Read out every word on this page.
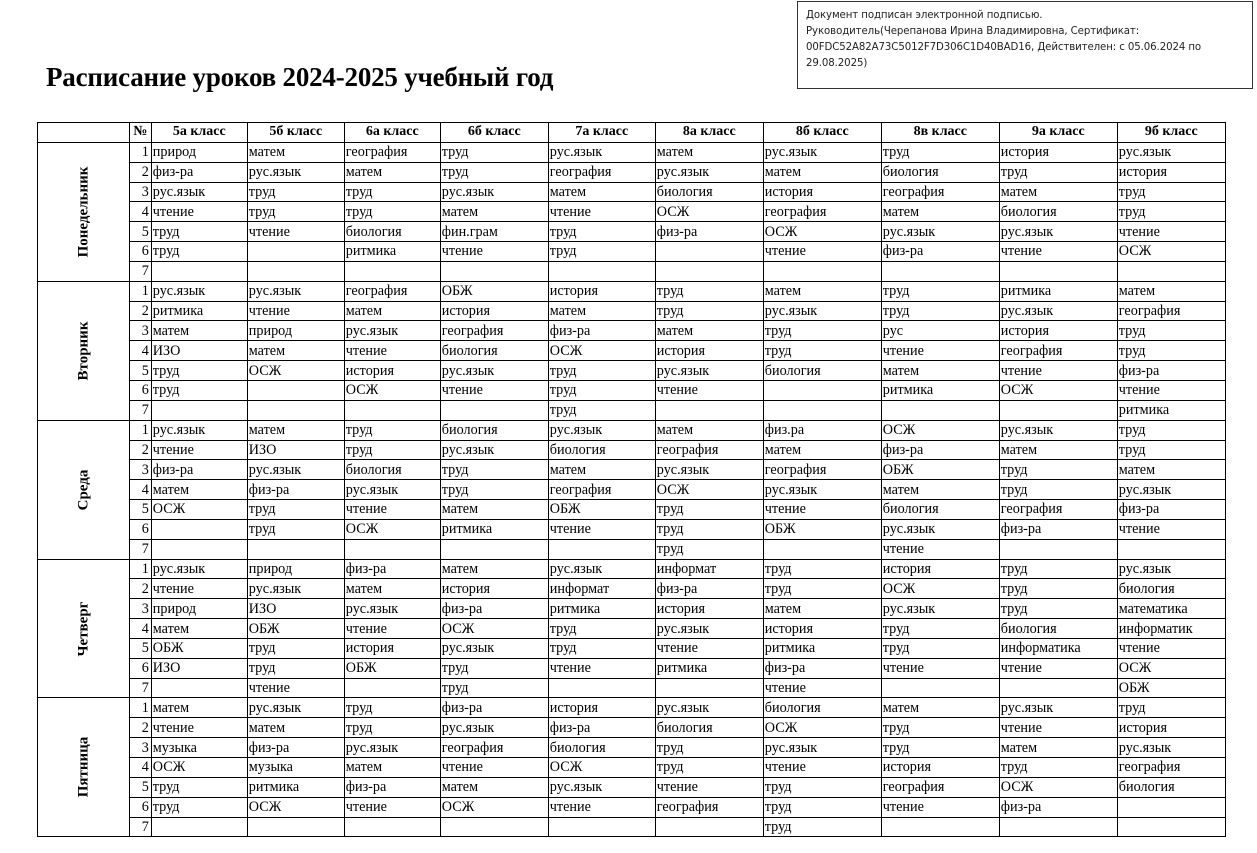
Документ подписан электронной подписью.
Руководитель(Черепанова Ирина Владимировна, Сертификат:
00FDC52A82A73C5012F7D306C1D40BAD16, Действителен: с 05.06.2024 по
29.08.2025)
Расписание уроков 2024-2025 учебный год
	№	5а класс	5б класс	6а класс	6б класс	7а класс	8а класс	8б класс	8в класс	9а класс	9б класс
Понедельник	1	природ	матем	география	труд	рус.язык	матем	рус.язык	труд	история	рус.язык
	2	физ-ра	рус.язык	матем	труд	география	рус.язык	матем	биология	труд	история
	3	рус.язык	труд	труд	рус.язык	матем	биология	история	география	матем	труд
	4	чтение	труд	труд	матем	чтение	ОСЖ	география	матем	биология	труд
	5	труд	чтение	биология	фин.грам	труд	физ-ра	ОСЖ	рус.язык	рус.язык	чтение
	6	труд		ритмика	чтение	труд		чтение	физ-ра	чтение	ОСЖ
	7										
Вторник	1	рус.язык	рус.язык	география	ОБЖ	история	труд	матем	труд	ритмика	матем
	2	ритмика	чтение	матем	история	матем	труд	рус.язык	труд	рус.язык	география
	3	матем	природ	рус.язык	география	физ-ра	матем	труд	рус	история	труд
	4	ИЗО	матем	чтение	биология	ОСЖ	история	труд	чтение	география	труд
	5	труд	ОСЖ	история	рус.язык	труд	рус.язык	биология	матем	чтение	физ-ра
	6	труд		ОСЖ	чтение	труд	чтение		ритмика	ОСЖ	чтение
	7					труд					ритмика
Среда	1	рус.язык	матем	труд	биология	рус.язык	матем	физ.ра	ОСЖ	рус.язык	труд
	2	чтение	ИЗО	труд	рус.язык	биология	география	матем	физ-ра	матем	труд
	3	физ-ра	рус.язык	биология	труд	матем	рус.язык	география	ОБЖ	труд	матем
	4	матем	физ-ра	рус.язык	труд	география	ОСЖ	рус.язык	матем	труд	рус.язык
	5	ОСЖ	труд	чтение	матем	ОБЖ	труд	чтение	биология	география	физ-ра
	6		труд	ОСЖ	ритмика	чтение	труд	ОБЖ	рус.язык	физ-ра	чтение
	7						труд		чтение		
Четверг	1	рус.язык	природ	физ-ра	матем	рус.язык	информат	труд	история	труд	рус.язык
	2	чтение	рус.язык	матем	история	информат	физ-ра	труд	ОСЖ	труд	биология
	3	природ	ИЗО	рус.язык	физ-ра	ритмика	история	матем	рус.язык	труд	математика
	4	матем	ОБЖ	чтение	ОСЖ	труд	рус.язык	история	труд	биология	информатик
	5	ОБЖ	труд	история	рус.язык	труд	чтение	ритмика	труд	информатика	чтение
	6	ИЗО	труд	ОБЖ	труд	чтение	ритмика	физ-ра	чтение	чтение	ОСЖ
	7		чтение		труд			чтение			ОБЖ
Пятница	1	матем	рус.язык	труд	физ-ра	история	рус.язык	биология	матем	рус.язык	труд
	2	чтение	матем	труд	рус.язык	физ-ра	биология	ОСЖ	труд	чтение	история
	3	музыка	физ-ра	рус.язык	география	биология	труд	рус.язык	труд	матем	рус.язык
	4	ОСЖ	музыка	матем	чтение	ОСЖ	труд	чтение	история	труд	география
	5	труд	ритмика	физ-ра	матем	рус.язык	чтение	труд	география	ОСЖ	биология
	6	труд	ОСЖ	чтение	ОСЖ	чтение	география	труд	чтение	физ-ра	
	7							труд			
